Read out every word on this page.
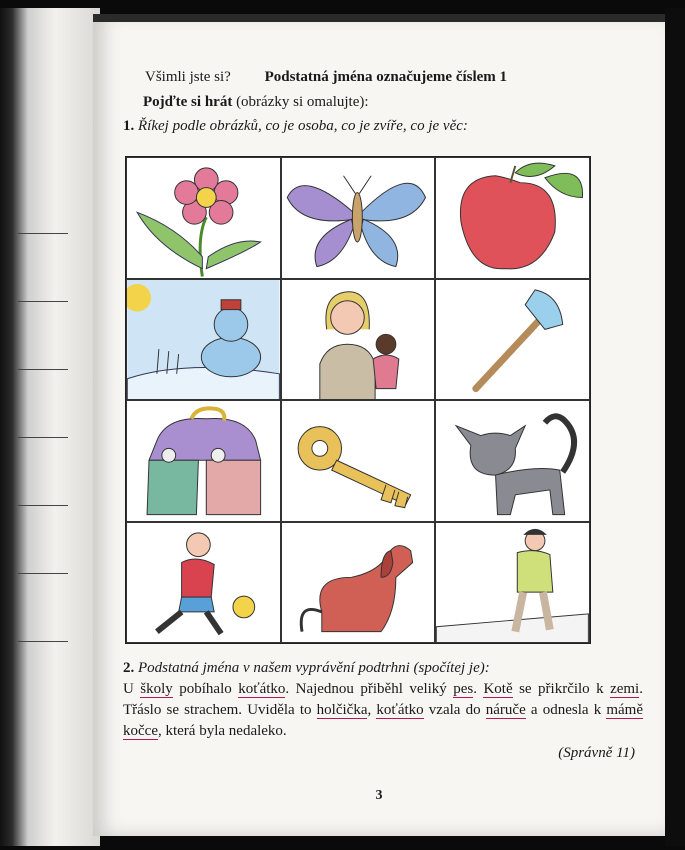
Všimli jste si? Podstatná jména označujeme číslem 1
Pojďte si hrát (obrázky si omalujte):
1. Říkej podle obrázků, co je osoba, co je zvíře, co je věc:
2. Podstatná jména v našem vyprávění podtrhni (spočítej je):
U školy pobíhalo koťátko. Najednou přiběhl veliký pes. Kotě se přikrčilo k zemi. Třáslo se strachem. Uviděla to holčička, koťátko vzala do náruče a odnesla k mámě kočce, která byla nedaleko.
(Správně 11)
3
